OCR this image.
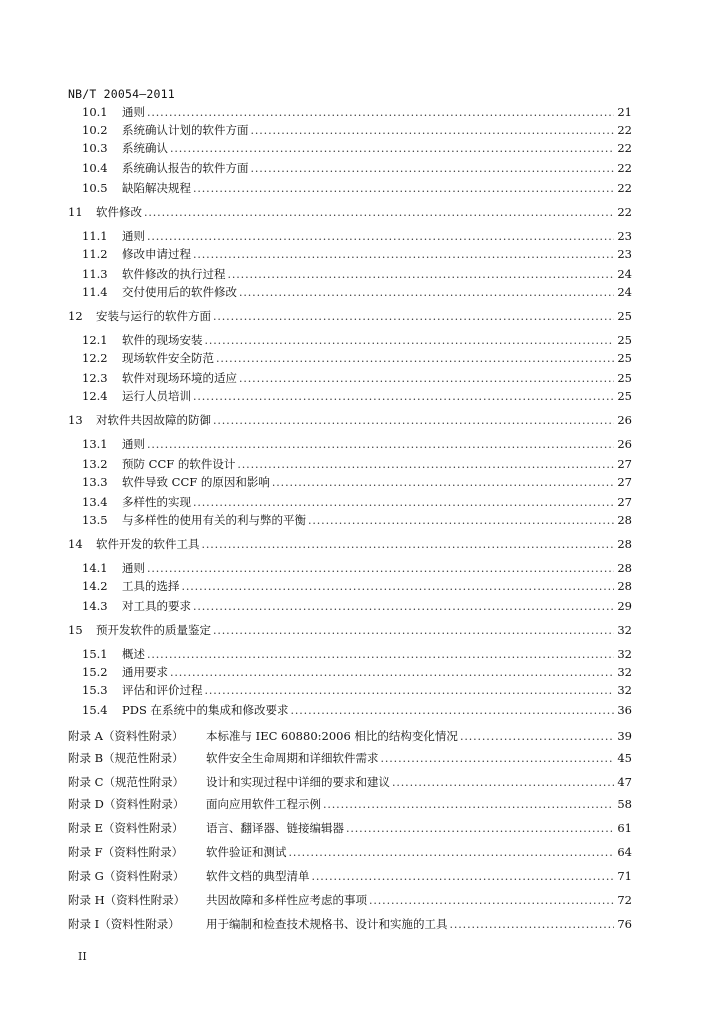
NB/T 20054—2011
10.1	通则 . . .	21
10.2	系统确认计划的软件方面 . . .	22
10.3	系统确认 . . .	22
10.4	系统确认报告的软件方面 . . .	22
10.5	缺陷解决规程 . . .	22
11	软件修改 . . .	22
11.1	通则 . . .	23
11.2	修改申请过程 . . .	23
11.3	软件修改的执行过程 . . .	24
11.4	交付使用后的软件修改 . . .	24
12	安装与运行的软件方面 . . .	25
12.1	软件的现场安装 . . .	25
12.2	现场软件安全防范 . . .	25
12.3	软件对现场环境的适应 . . .	25
12.4	运行人员培训 . . .	25
13	对软件共因故障的防御 . . .	26
13.1	通则 . . .	26
13.2	预防 CCF 的软件设计 . . .	27
13.3	软件导致 CCF 的原因和影响 . . .	27
13.4	多样性的实现 . . .	27
13.5	与多样性的使用有关的利与弊的平衡 . . .	28
14	软件开发的软件工具 . . .	28
14.1	通则 . . .	28
14.2	工具的选择 . . .	28
14.3	对工具的要求 . . .	29
15	预开发软件的质量鉴定 . . .	32
15.1	概述 . . .	32
15.2	通用要求 . . .	32
15.3	评估和评价过程 . . .	32
15.4	PDS 在系统中的集成和修改要求 . . .	36
附录 A（资料性附录）	本标准与 IEC 60880:2006 相比的结构变化情况 . . .	39
附录 B（规范性附录）	软件安全生命周期和详细软件需求 . . .	45
附录 C（规范性附录）	设计和实现过程中详细的要求和建议 . . .	47
附录 D（资料性附录）	面向应用软件工程示例 . . .	58
附录 E（资料性附录）	语言、翻译器、链接编辑器 . . .	61
附录 F（资料性附录）	软件验证和测试 . . .	64
附录 G（资料性附录）	软件文档的典型清单 . . .	71
附录 H（资料性附录）	共因故障和多样性应考虑的事项 . . .	72
附录 I（资料性附录）	用于编制和检查技术规格书、设计和实施的工具 . . .	76
II
